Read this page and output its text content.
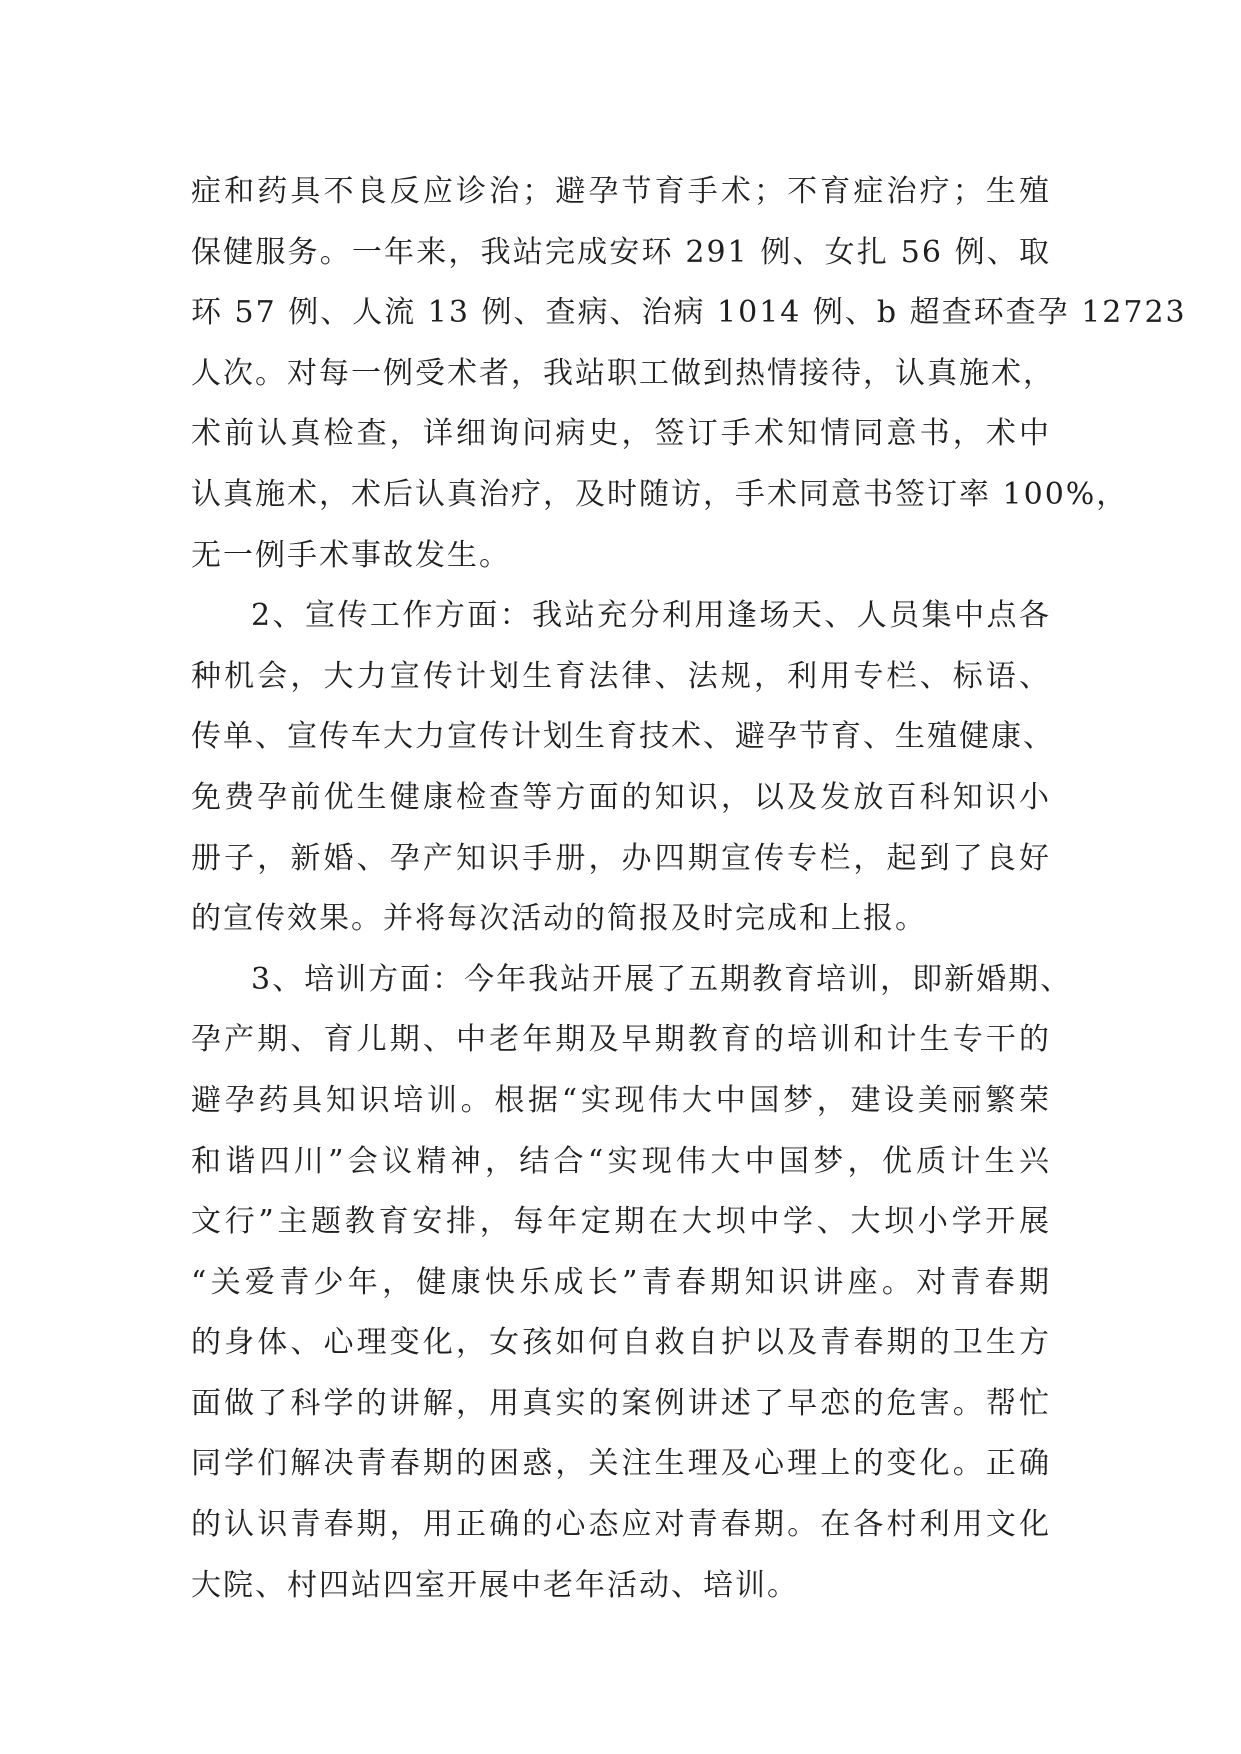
症和药具不良反应诊治；避孕节育手术；不育症治疗；生殖
保健服务。一年来，我站完成安环 291 例、女扎 56 例、取
环 57 例、人流 13 例、查病、治病 1014 例、b 超查环查孕 12723
人次。对每一例受术者，我站职工做到热情接待，认真施术，
术前认真检查，详细询问病史，签订手术知情同意书，术中
认真施术，术后认真治疗，及时随访，手术同意书签订率 100%，
无一例手术事故发生。
2、宣传工作方面：我站充分利用逢场天、人员集中点各
种机会，大力宣传计划生育法律、法规，利用专栏、标语、
传单、宣传车大力宣传计划生育技术、避孕节育、生殖健康、
免费孕前优生健康检查等方面的知识，以及发放百科知识小
册子，新婚、孕产知识手册，办四期宣传专栏，起到了良好
的宣传效果。并将每次活动的简报及时完成和上报。
3、培训方面：今年我站开展了五期教育培训，即新婚期、
孕产期、育儿期、中老年期及早期教育的培训和计生专干的
避孕药具知识培训。根据“实现伟大中国梦，建设美丽繁荣
和谐四川”会议精神，结合“实现伟大中国梦，优质计生兴
文行”主题教育安排，每年定期在大坝中学、大坝小学开展
“关爱青少年，健康快乐成长”青春期知识讲座。对青春期
的身体、心理变化，女孩如何自救自护以及青春期的卫生方
面做了科学的讲解，用真实的案例讲述了早恋的危害。帮忙
同学们解决青春期的困惑，关注生理及心理上的变化。正确
的认识青春期，用正确的心态应对青春期。在各村利用文化
大院、村四站四室开展中老年活动、培训。
